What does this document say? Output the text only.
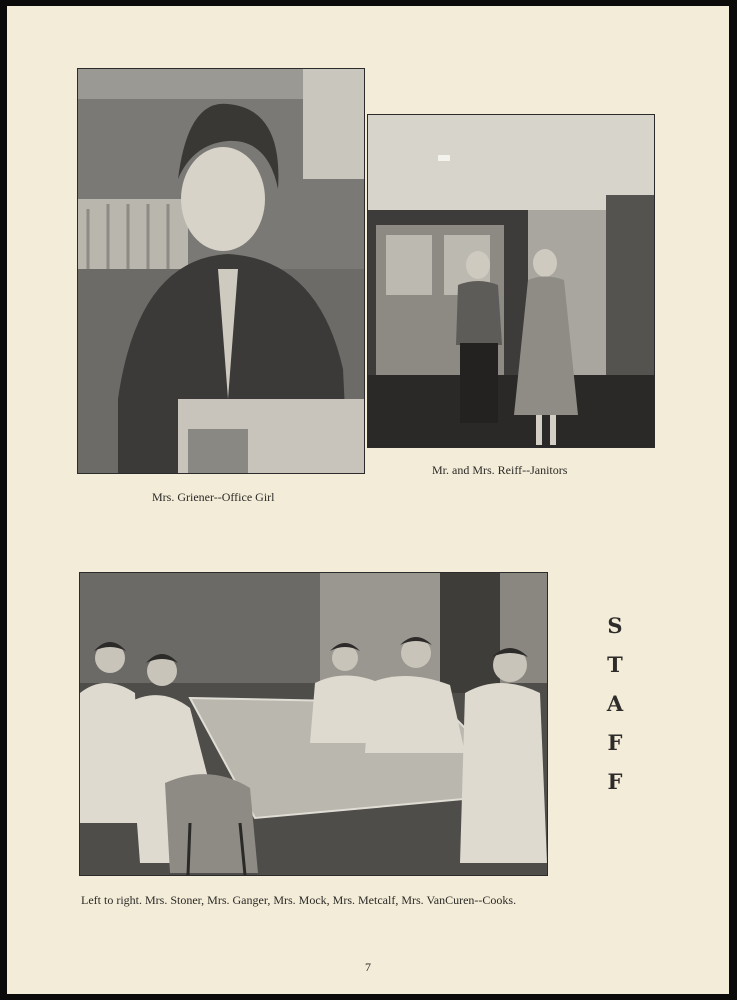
Mrs. Griener--Office Girl
Mr. and Mrs. Reiff--Janitors
Left to right. Mrs. Stoner, Mrs. Ganger, Mrs. Mock, Mrs. Metcalf, Mrs. VanCuren--Cooks.
S
T
A
F
F
7
